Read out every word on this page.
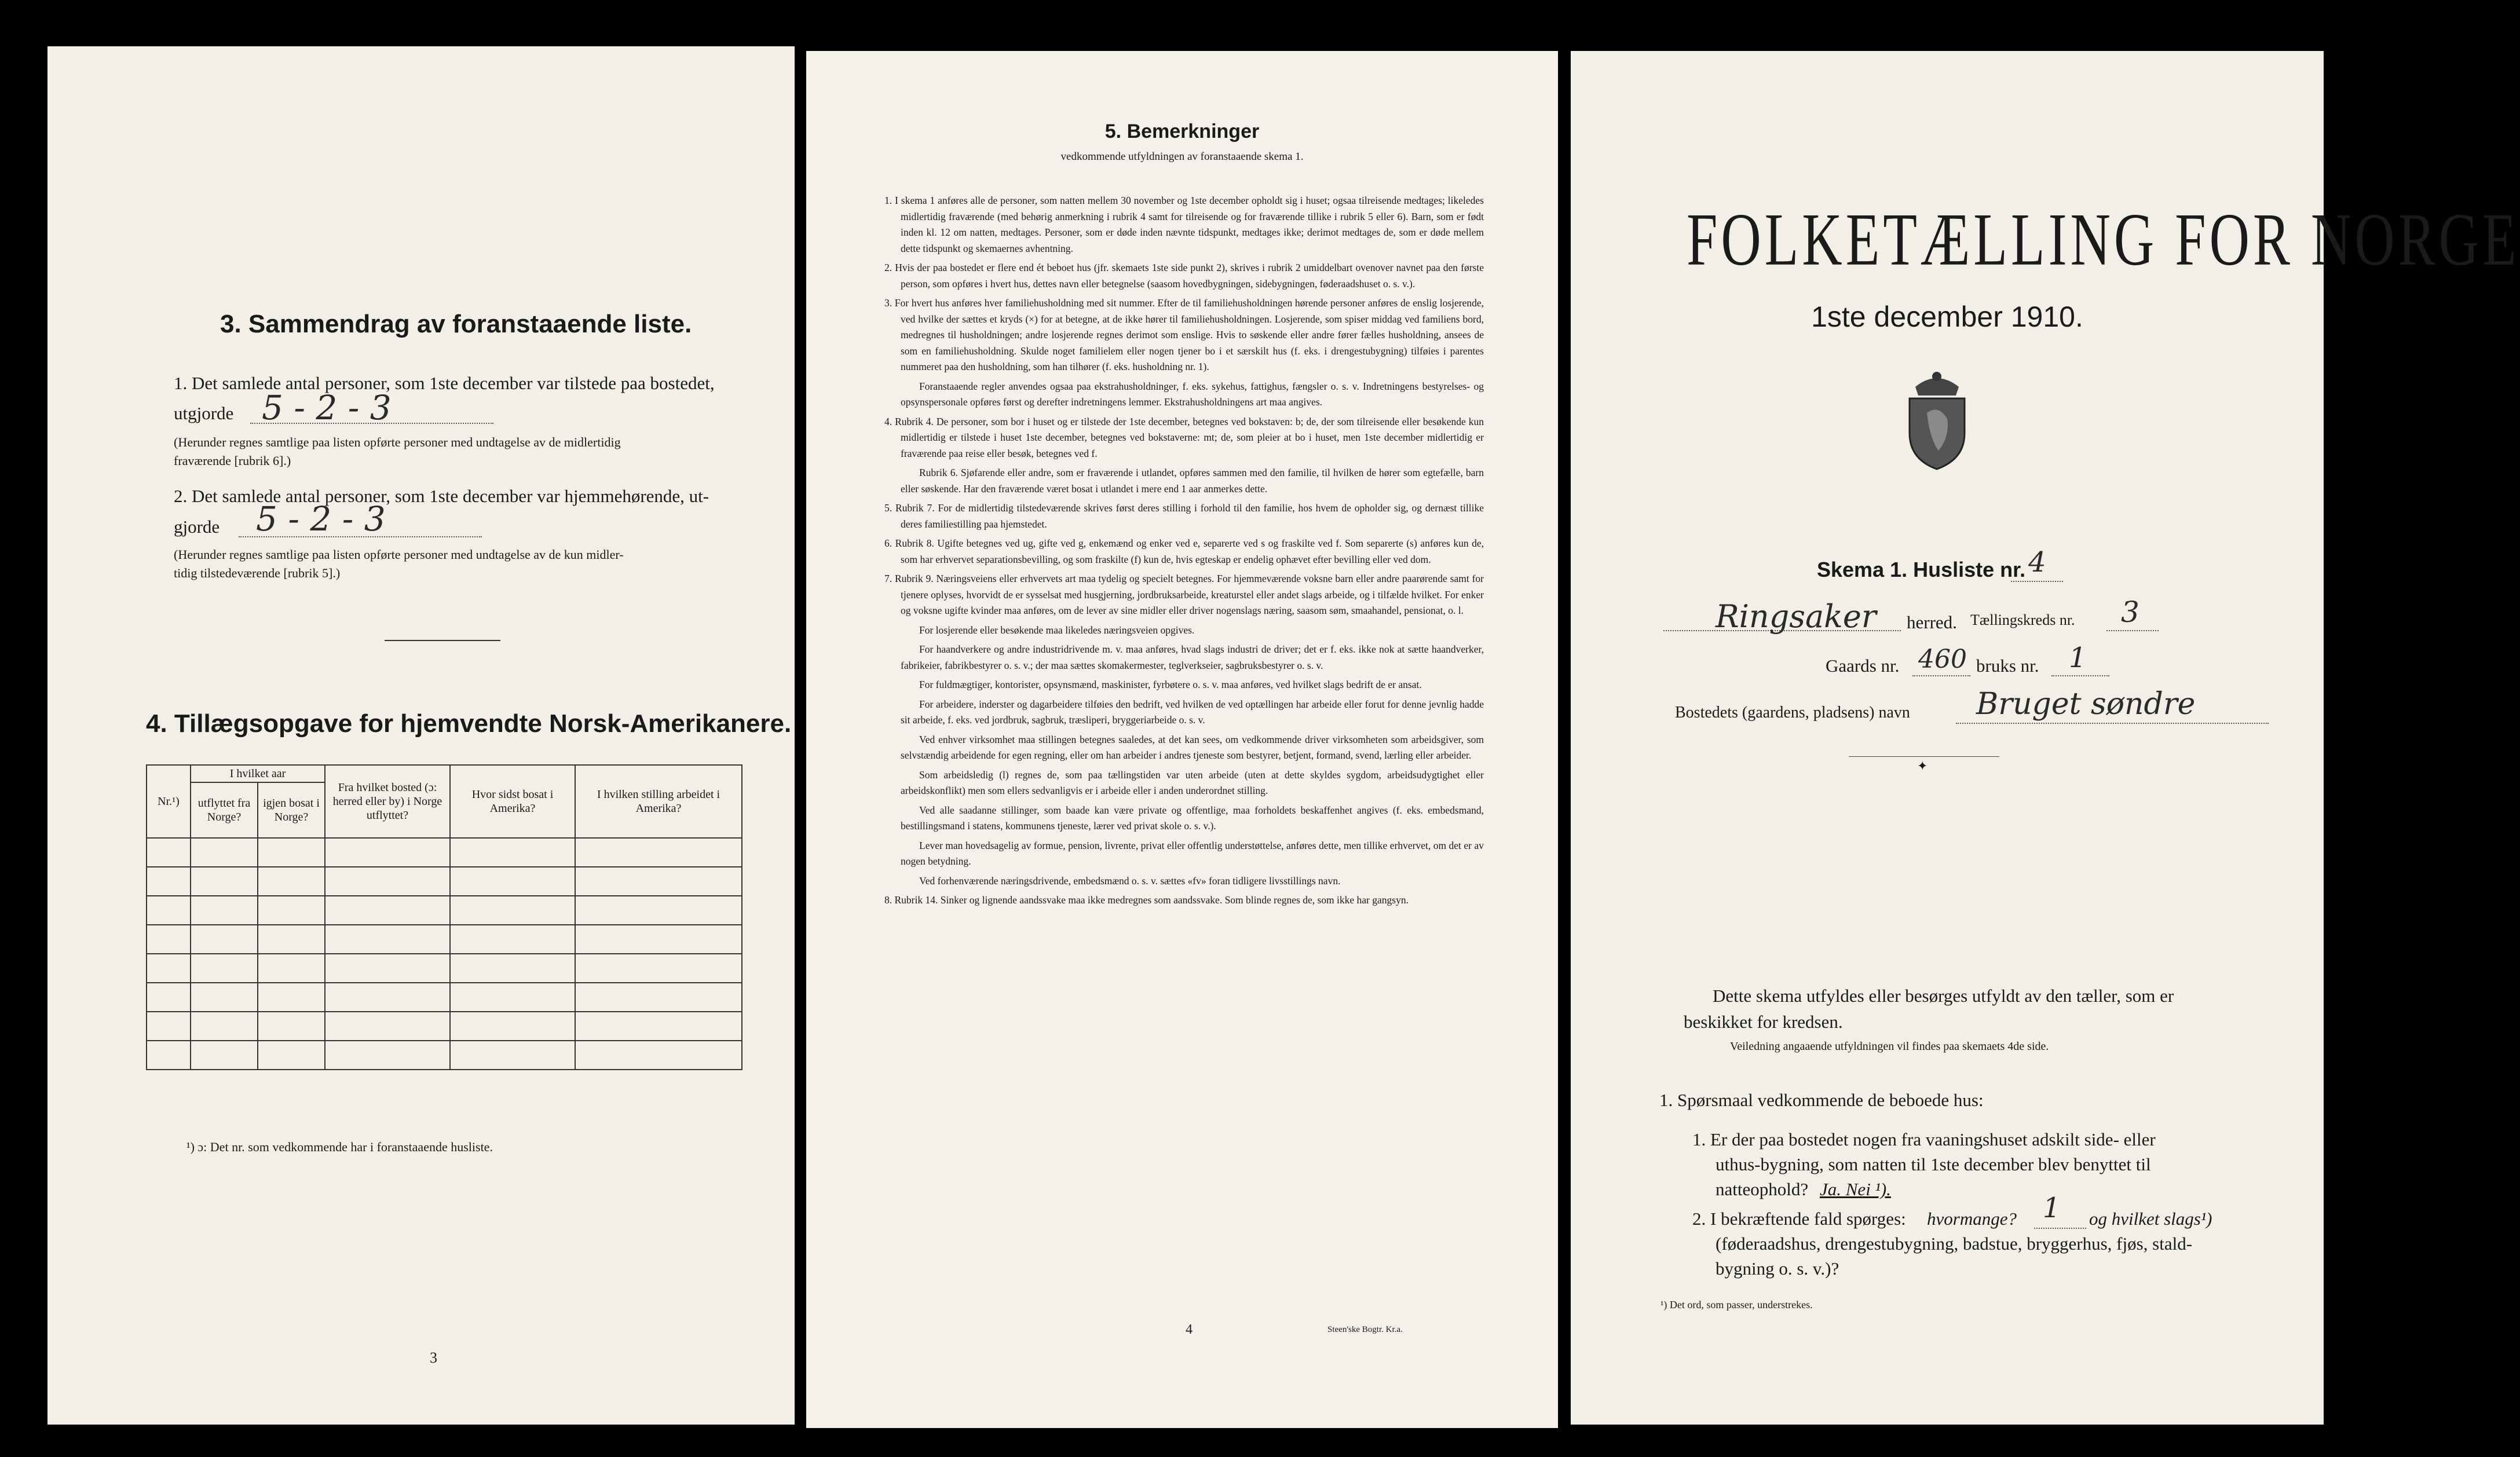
3. Sammendrag av foranstaaende liste.
1. Det samlede antal personer, som 1ste december var tilstede paa bostedet,
utgjorde 5 - 2 - 3
(Herunder regnes samtlige paa listen opførte personer med undtagelse av de midlertidig
fraværende [rubrik 6].)
2. Det samlede antal personer, som 1ste december var hjemmehørende, ut-
gjorde 5 - 2 - 3
(Herunder regnes samtlige paa listen opførte personer med undtagelse av de kun midler-
tidig tilstedeværende [rubrik 5].)
4. Tillægsopgave for hjemvendte Norsk-Amerikanere.
Nr.¹)	I hvilket aar		Fra hvilket bosted (ɔ: herred eller by) i Norge utflyttet?	Hvor sidst bosat i Amerika?	I hvilken stilling arbeidet i Amerika?
	utflyttet fra Norge?	igjen bosat i Norge?			

¹) ɔ: Det nr. som vedkommende har i foranstaaende husliste.
3
5. Bemerkninger
vedkommende utfyldningen av foranstaaende skema 1.

1. I skema 1 anføres alle de personer, som natten mellem 30 november og 1ste december opholdt sig i huset; ogsaa tilreisende medtages; likeledes midlertidig fraværende (med behørig anmerkning i rubrik 4 samt for tilreisende og for fraværende tillike i rubrik 5 eller 6). Barn, som er født inden kl. 12 om natten, medtages. Personer, som er døde inden nævnte tidspunkt, medtages ikke; derimot medtages de, som er døde mellem dette tidspunkt og skemaernes avhentning.

2. Hvis der paa bostedet er flere end ét beboet hus (jfr. skemaets 1ste side punkt 2), skrives i rubrik 2 umiddelbart ovenover navnet paa den første person, som opføres i hvert hus, dettes navn eller betegnelse (saasom hovedbygningen, sidebygningen, føderaadshuset o. s. v.).

3. For hvert hus anføres hver familiehusholdning med sit nummer. Efter de til familiehusholdningen hørende personer anføres de enslig losjerende, ved hvilke der sættes et kryds (×) for at betegne, at de ikke hører til familiehusholdningen. Losjerende, som spiser middag ved familiens bord, medregnes til husholdningen; andre losjerende regnes derimot som enslige. Hvis to søskende eller andre fører fælles husholdning, ansees de som en familiehusholdning. Skulde noget familielem eller nogen tjener bo i et særskilt hus (f. eks. i drengestubygning) tilføies i parentes nummeret paa den husholdning, som han tilhører (f. eks. husholdning nr. 1).

Foranstaaende regler anvendes ogsaa paa ekstrahusholdninger, f. eks. sykehus, fattighus, fængsler o. s. v. Indretningens bestyrelses- og opsynspersonale opføres først og derefter indretningens lemmer. Ekstrahusholdningens art maa angives.

4. Rubrik 4. De personer, som bor i huset og er tilstede der 1ste december, betegnes ved bokstaven: b; de, der som tilreisende eller besøkende kun midlertidig er tilstede i huset 1ste december, betegnes ved bokstaverne: mt; de, som pleier at bo i huset, men 1ste december midlertidig er fraværende paa reise eller besøk, betegnes ved f.

Rubrik 6. Sjøfarende eller andre, som er fraværende i utlandet, opføres sammen med den familie, til hvilken de hører som egtefælle, barn eller søskende. Har den fraværende været bosat i utlandet i mere end 1 aar anmerkes dette.

5. Rubrik 7. For de midlertidig tilstedeværende skrives først deres stilling i forhold til den familie, hos hvem de opholder sig, og dernæst tillike deres familiestilling paa hjemstedet.

6. Rubrik 8. Ugifte betegnes ved ug, gifte ved g, enkemænd og enker ved e, separerte ved s og fraskilte ved f. Som separerte (s) anføres kun de, som har erhvervet separationsbevilling, og som fraskilte (f) kun de, hvis egteskap er endelig ophævet efter bevilling eller ved dom.

7. Rubrik 9. Næringsveiens eller erhvervets art maa tydelig og specielt betegnes. For hjemmeværende voksne barn eller andre paarørende samt for tjenere oplyses, hvorvidt de er sysselsat med husgjerning, jordbruksarbeide, kreaturstel eller andet slags arbeide, og i tilfælde hvilket. For enker og voksne ugifte kvinder maa anføres, om de lever av sine midler eller driver nogenslags næring, saasom søm, smaahandel, pensionat, o. l.

For losjerende eller besøkende maa likeledes næringsveien opgives.

For haandverkere og andre industridrivende m. v. maa anføres, hvad slags industri de driver; det er f. eks. ikke nok at sætte haandverker, fabrikeier, fabrikbestyrer o. s. v.; der maa sættes skomakermester, teglverkseier, sagbruksbestyrer o. s. v.

For fuldmægtiger, kontorister, opsynsmænd, maskinister, fyrbøtere o. s. v. maa anføres, ved hvilket slags bedrift de er ansat.

For arbeidere, inderster og dagarbeidere tilføies den bedrift, ved hvilken de ved optællingen har arbeide eller forut for denne jevnlig hadde sit arbeide, f. eks. ved jordbruk, sagbruk, træsliperi, bryggeriarbeide o. s. v.

Ved enhver virksomhet maa stillingen betegnes saaledes, at det kan sees, om vedkommende driver virksomheten som arbeidsgiver, som selvstændig arbeidende for egen regning, eller om han arbeider i andres tjeneste som bestyrer, betjent, formand, svend, lærling eller arbeider.

Som arbeidsledig (l) regnes de, som paa tællingstiden var uten arbeide (uten at dette skyldes sygdom, arbeidsudygtighet eller arbeidskonflikt) men som ellers sedvanligvis er i arbeide eller i anden underordnet stilling.

Ved alle saadanne stillinger, som baade kan være private og offentlige, maa forholdets beskaffenhet angives (f. eks. embedsmand, bestillingsmand i statens, kommunens tjeneste, lærer ved privat skole o. s. v.).

Lever man hovedsagelig av formue, pension, livrente, privat eller offentlig understøttelse, anføres dette, men tillike erhvervet, om det er av nogen betydning.

Ved forhenværende næringsdrivende, embedsmænd o. s. v. sættes «fv» foran tidligere livsstillings navn.

8. Rubrik 14. Sinker og lignende aandssvake maa ikke medregnes som aandssvake. Som blinde regnes de, som ikke har gangsyn.

4	Steen'ske Bogtr. Kr.a.
FOLKETÆLLING FOR NORGE
1ste december 1910.
Skema 1. Husliste nr. 4
Ringsaker herred. Tællingskreds nr. 3
Gaards nr. 460 bruks nr. 1
Bostedets (gaardens, pladsens) navn Bruget søndre
✦
Dette skema utfyldes eller besørges utfyldt av den tæller, som er
beskikket for kredsen.
Veiledning angaaende utfyldningen vil findes paa skemaets 4de side.
1. Spørsmaal vedkommende de beboede hus:
1. Er der paa bostedet nogen fra vaaningshuset adskilt side- eller
uthus-bygning, som natten til 1ste december blev benyttet til
natteophold? Ja. Nei ¹).
2. I bekræftende fald spørges: hvormange? 1 og hvilket slags¹)
(føderaadshus, drengestubygning, badstue, bryggerhus, fjøs, stald-
bygning o. s. v.)?
¹) Det ord, som passer, understrekes.
